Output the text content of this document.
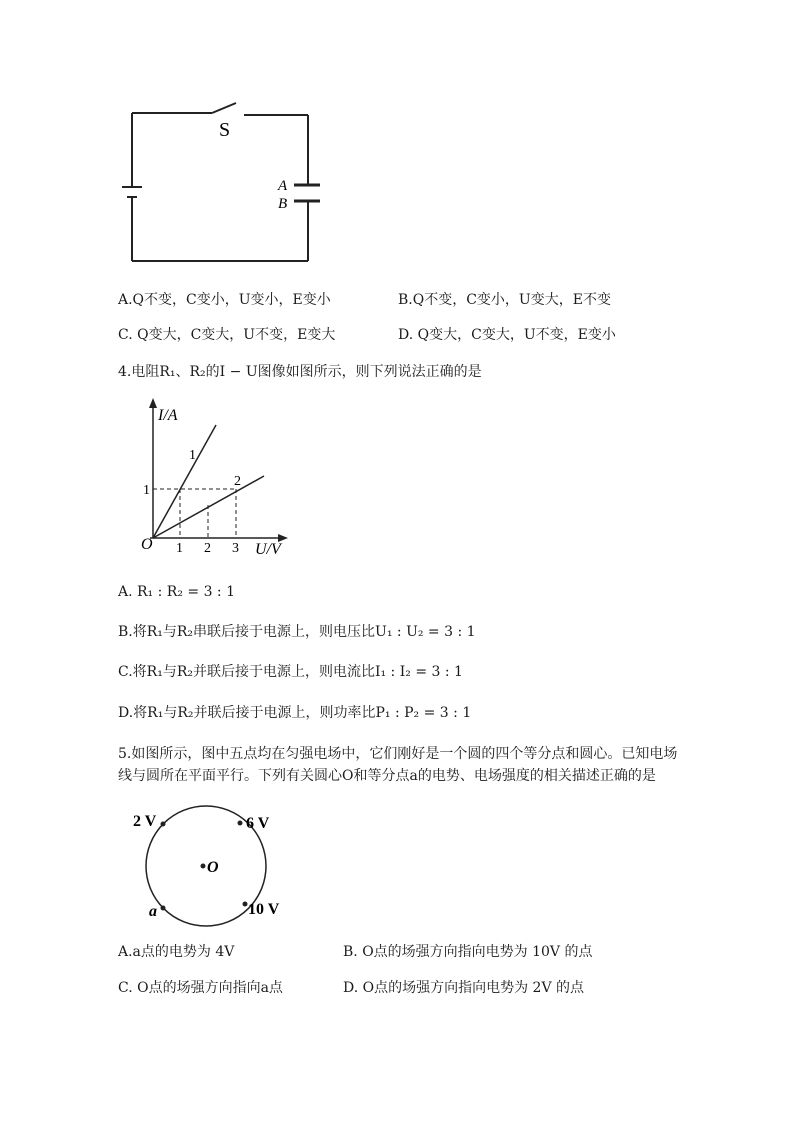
S
A
B
A.Q不变，C变小，U变小，E变小	B.Q不变，C变小，U变大，E不变
C. Q变大，C变大，U不变，E变大	D. Q变大，C变大，U不变，E变小
4.电阻R₁、R₂的I − U图像如图所示，则下列说法正确的是
I/A
U/V
O 1 2 3
1
1
2
A. R₁ : R₂ = 3 : 1
B.将R₁与R₂串联后接于电源上，则电压比U₁ : U₂ = 3 : 1
C.将R₁与R₂并联后接于电源上，则电流比I₁ : I₂ = 3 : 1
D.将R₁与R₂并联后接于电源上，则功率比P₁ : P₂ = 3 : 1
5.如图所示，图中五点均在匀强电场中，它们刚好是一个圆的四个等分点和圆心。已知电场
线与圆所在平面平行。下列有关圆心O和等分点a的电势、电场强度的相关描述正确的是
2 V	6 V
10 V
a
O
A.a点的电势为 4V	B. O点的场强方向指向电势为 10V 的点
C. O点的场强方向指向a点	D. O点的场强方向指向电势为 2V 的点
